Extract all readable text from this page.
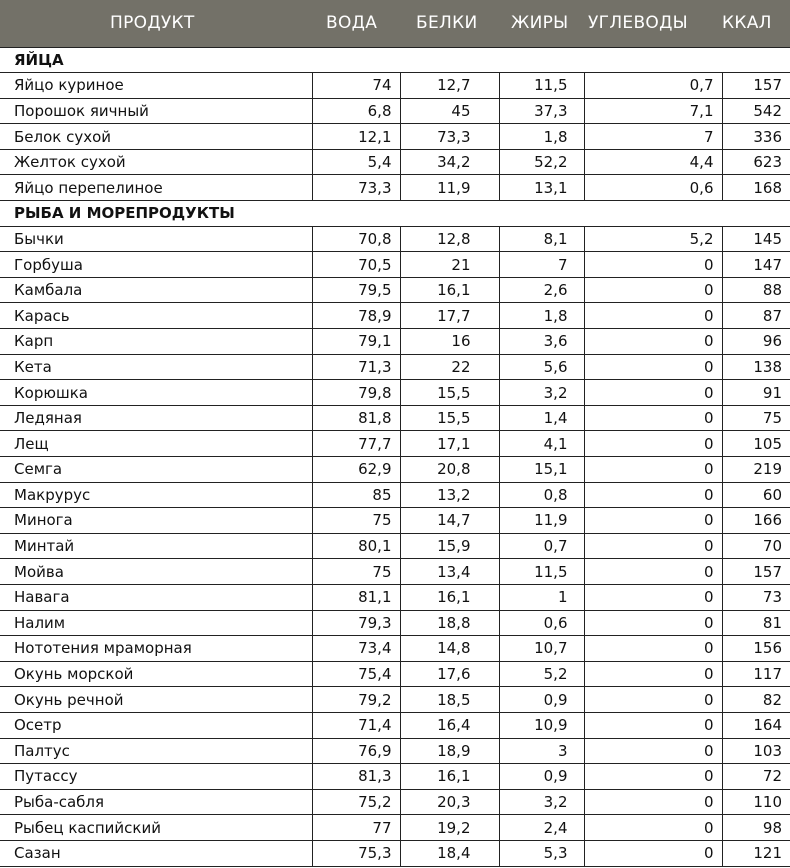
ПРОДУКТ	ВОДА	БЕЛКИ	ЖИРЫ	УГЛЕВОДЫ	ККАЛ
ЯЙЦА					
Яйцо куриное	74	12,7	11,5	0,7	157
Порошок яичный	6,8	45	37,3	7,1	542
Белок сухой	12,1	73,3	1,8	7	336
Желток сухой	5,4	34,2	52,2	4,4	623
Яйцо перепелиное	73,3	11,9	13,1	0,6	168
РЫБА И МОРЕПРОДУКТЫ					
Бычки	70,8	12,8	8,1	5,2	145
Горбуша	70,5	21	7	0	147
Камбала	79,5	16,1	2,6	0	88
Карась	78,9	17,7	1,8	0	87
Карп	79,1	16	3,6	0	96
Кета	71,3	22	5,6	0	138
Корюшка	79,8	15,5	3,2	0	91
Ледяная	81,8	15,5	1,4	0	75
Лещ	77,7	17,1	4,1	0	105
Семга	62,9	20,8	15,1	0	219
Макрурус	85	13,2	0,8	0	60
Минога	75	14,7	11,9	0	166
Минтай	80,1	15,9	0,7	0	70
Мойва	75	13,4	11,5	0	157
Навага	81,1	16,1	1	0	73
Налим	79,3	18,8	0,6	0	81
Нототения мраморная	73,4	14,8	10,7	0	156
Окунь морской	75,4	17,6	5,2	0	117
Окунь речной	79,2	18,5	0,9	0	82
Осетр	71,4	16,4	10,9	0	164
Палтус	76,9	18,9	3	0	103
Путассу	81,3	16,1	0,9	0	72
Рыба-сабля	75,2	20,3	3,2	0	110
Рыбец каспийский	77	19,2	2,4	0	98
Сазан	75,3	18,4	5,3	0	121
